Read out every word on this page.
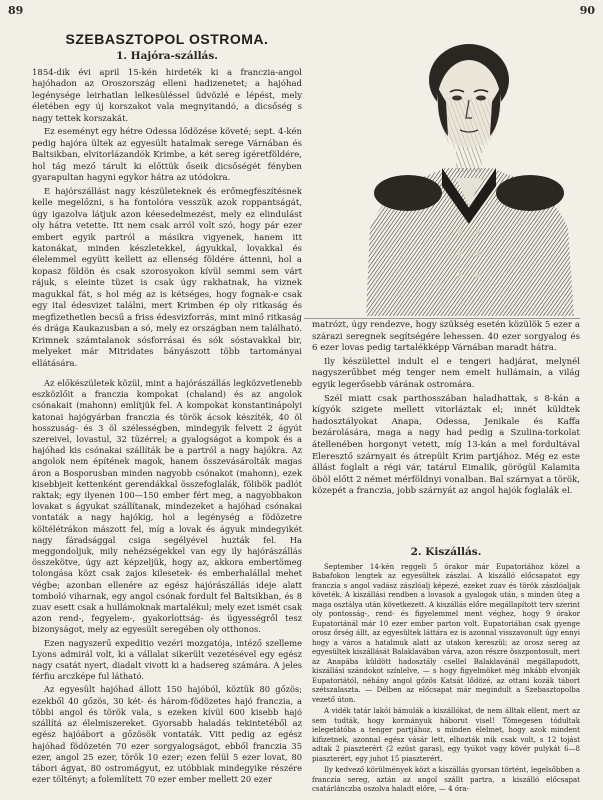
89	90
SZEBASZTOPOL OSTROMA.
1. Hajóra-szállás.

1854-dik évi april 15-kén hirdeték ki a franczia-angol hajóhadon az Oroszország elleni hadizenetet; a hajóhad legénysége leirhatlan lelkesüléssel üdvözlé e lépést, mely életében egy új korszakot vala megnyitandó, a dicsőség s nagy tettek korszakát.

Ez eseményt egy hétre Odessa lődözése követé; sept. 4-kén pedig hajóra ültek az egyesült hatalmak serege Várnában és Baltsikban, elvitorlázandók Krimbe, a két sereg ígéretföldére, hol tág mező tárult ki előttük őseik dicsőségét fényben gyarapultan hagyni egykor hátra az utódokra.

E hajórszállást nagy készületeknek és erőmegfeszítésnek kelle megelőzni, s ha fontolóra vesszük azok roppantságát, úgy igazolva látjuk azon kéesedelmezést, mely ez elindulást oly hátra vetette. Itt nem csak arról volt szó, hogy pár ezer embert egyik partról a másikra vigyenek, hanem itt katonákat, minden készletekkel, ágyukkal, lovakkal és élelemmel együtt kellett az ellenség földére áttenni, hol a kopasz földön és csak szorosyokon kívül semmi sem várt rájuk, s eleinte tüzet is csak úgy rakhatnak, ha viznek magukkal fát, s hol még az is kétséges, hogy fognak-e csak egy ital édesvizet találni, mert Krimben ép oly ritkaság és megfizethetlen becsű a friss édesvizforrás, mint minő ritkaság és drága Kaukazusban a só, mely ez országban nem található. Krimnek számtalanok sósforrásai és sók sóstavakkal bir, melyeket már Mitridates bányászott több tartományai ellátására.

Az előkészületek közül, mint a hajórászállás legközvetlenebb eszközlőit a franczia kompokat (chaland) és az angolok csónakait (mahonn) említjük fel. A kompokat konstantinápolyi katonai hajógyárban franczia és török ácsok készíték, 40 öl hosszuság- és 3 öl szélességben, mindegyik felvett 2 ágyút szereivel, lovastul, 32 tüzérrel; a gyalogságot a kompok és a hajóhad kis csónakai szállíták be a partról a nagy hajókra. Az angolok nem építének magok, hanem összevásárolták magas áron a Bosporusban minden nagyobb csónakot (mahonn), ezek kisebbjeit kettenként gerendákkal összefoglalák, fölibök padlót raktak; egy ilyenen 100—150 ember fért meg, a nagyobbakon lovakat s ágyukat szállítanak, mindezeket a hajóhad csónakai vontaták a nagy hajókig, hol a legénység a födözetre költélétrákon mászott fel, míg a lovak és ágyuk mindegyikét nagy fáradsággal csiga segélyével huzták fel. Ha meggondoljuk, mily nehézségekkel van egy ily hajórászállás összekötve, úgy azt képzeljük, hogy az, akkora embertömeg tolongása közt csak zajos kilesetek- és emberhalállal mehet végbe; azonban ellenére az egész hajórászállás ideje alatt tomboló viharnak, egy angol csónak fordult fel Baltsikban, és 8 zuav esett csak a hullámoknak martalékul; mely ezet ismét csak azon rend-, fegyelem-, gyakorlottság- és ügyességről tesz bizonyságot, mely az egyesült seregében oly otthonos.

Ezen nagyszerű expeditio vezéri mozgatója, intéző szelleme Lyons admirál volt, ki a vállalat sikerült vezetésével egy egész nagy csatát nyert, diadalt vivott ki a hadsereg számára. A jeles férfiu arczképe ful látható.

Az egyesült hajóhad állott 150 hajóból, köztük 80 gőzös; ezekből 40 gőzös, 30 két- és három-födözetes hajó franczia, a többi angol és török vala, s ezeken kívül 600 kisebb hajó szállítá az élelmiszereket. Gyorsabb haladás tekintetéből az egész hajóábort a gőzösök vontaták. Vitt pedig az egész hajóhad födözetén 70 ezer sorgyalogságot, ebből franczia 35 ezer, angol 25 ezer, török 10 ezer; ezen felül 5 ezer lovat, 80 tábori ágyat, 80 ostromágyut, ez utóbbiak mindegyike részére ezer töltényt; a folemlített 70 ezer ember mellett 20 ezer

matrózt, úgy rendezve, hogy szükség esetén közülök 5 ezer a szárazi seregnek segítségére lehessen. 40 ezer sorgyalog és 6 ezer lovas pedig tartalékképp Várnában maradt hátra.

Ily készülettel indult el e tengeri hadjárat, melynél nagyszerűbbet még tenger nem emelt hullámain, a világ egyik legerősebb várának ostromára.

Szél miatt csak parthosszában haladhattak, s 8-kán a kígyók szigete mellett vitorláztak el; innét küldtek hadosztályokat Anapa, Odessa, Jenikale és Kaffa bezárolására, maga a nagy had pedig a Szulina-torkolat átellenében horgonyt vetett, míg 13-kán a mel fordultával Eleresztő szárnyait és átrepült Krim partjához. Még ez este állást foglalt a régi vár, tatárul Eimalik, görögül Kalamita öböl előtt 2 német mérföldnyi vonalban. Bal szárnyat a török, közepét a franczia, jobb szárnyát az angol hajók foglalák el.

2. Kiszállás.

September 14-kén reggeli 5 órakor már Eupatoriához közel a Babafokon lengtek az egyesültek zászlai. A kiszálló előcsapatot egy franczia s angol vadász zászlóalj képezé, ezeket zuav és török zászlóaljak követék. A kiszállási rendben a lovasok a gyalogok után, s minden üteg a maga osztálya után következett. A kiszállás előre megállapított terv szerint oly pontosság-, rend- és figyelemmel ment véghez, hogy 9 órakor Eupatoriánál már 10 ezer ember parton volt. Eupatoriában csak gyenge orosz őrség állt, az egyesültek láttára ez is azonnal visszavonult úgy ennyi hogy a város a hatalmuk alatt az utakon kereszül; az orosz sereg az egyesültek kiszállását Balaklavában várva, azon részre összpontosult, mert az Anapába küldött hadosztály csellel Balaklavánál megállapodott, kiszállási szándokot színlelve, — s hogy figyelmöket még inkább elvonják Eupatoriától, néhány angol gőzös Katsát lődözé, az ottani kozák tábort szétszalaszta. — Délben az előcsapat már megindult a Szebasztopolba vezető úton.

A vidék tatár lakói bámulák a kiszállókat, de nem álltak ellent, mert az sem tudták, hogy kormányuk háborut visel! Tömegesen tódultak ielegetátóba a tenger partjához, s minden élelmet, hogy azok mindent kifizetnek, azonnal egész vásár lett, elhozták mik csak volt, s 12 tojást adtak 2 piaszterért (2 ezüst garas), egy tyúkot vagy kövér pulykát 6—8 piaszterért, egy juhot 15 piaszterért.

Ily kedvező körülmények közt a kiszállás gyorsan történt, legelsőbben a franczia sereg, aztán az angol szállt partra, a kiszálló előcsapat csatárlánczba oszolva haladt előre, — 4 óra-
